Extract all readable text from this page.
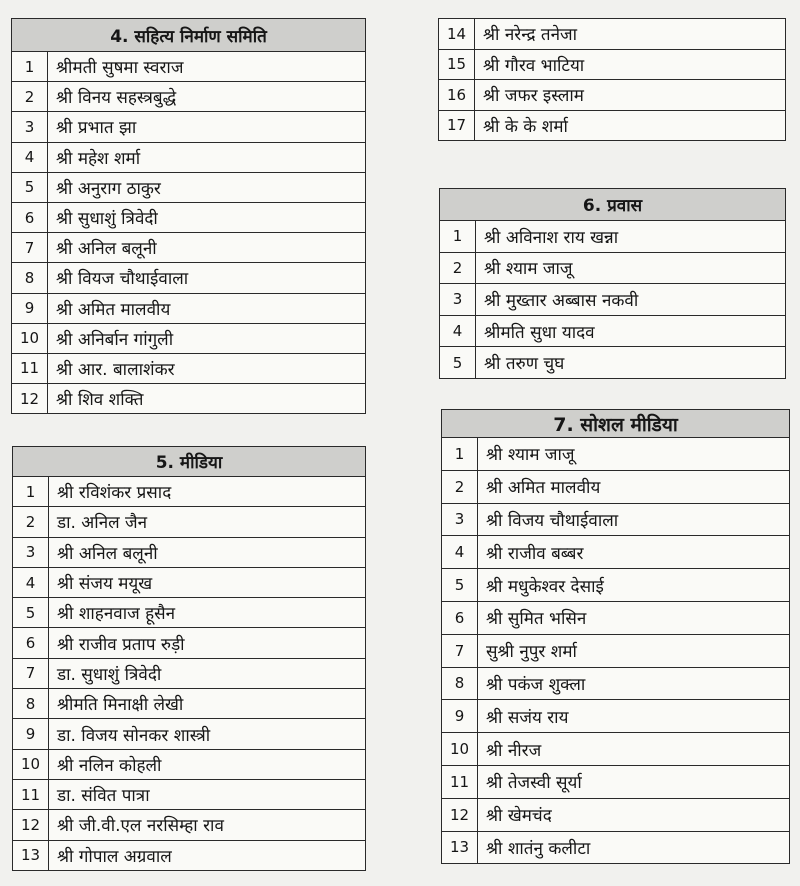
4. सहित्य निर्माण समिति
1	श्रीमती सुषमा स्वराज
2	श्री विनय सहस्त्रबुद्धे
3	श्री प्रभात झा
4	श्री महेश शर्मा
5	श्री अनुराग ठाकुर
6	श्री सुधाशुं त्रिवेदी
7	श्री अनिल बलूनी
8	श्री वियज चौथाईवाला
9	श्री अमित मालवीय
10	श्री अनिर्बान गांगुली
11	श्री आर. बालाशंकर
12	श्री शिव शक्ति
14	श्री नरेन्द्र तनेजा
15	श्री गौरव भाटिया
16	श्री जफर इस्लाम
17	श्री के के शर्मा
6. प्रवास
1	श्री अविनाश राय खन्ना
2	श्री श्याम जाजू
3	श्री मुख्तार अब्बास नकवी
4	श्रीमति सुधा यादव
5	श्री तरुण चुघ
5. मीडिया
1	श्री रविशंकर प्रसाद
2	डा. अनिल जैन
3	श्री अनिल बलूनी
4	श्री संजय मयूख
5	श्री शाहनवाज हूसैन
6	श्री राजीव प्रताप रुड़ी
7	डा. सुधाशुं त्रिवेदी
8	श्रीमति मिनाक्षी लेखी
9	डा. विजय सोनकर शास्त्री
10	श्री नलिन कोहली
11	डा. संवित पात्रा
12	श्री जी.वी.एल नरसिम्हा राव
13	श्री गोपाल अग्रवाल
7. सोशल मीडिया
1	श्री श्याम जाजू
2	श्री अमित मालवीय
3	श्री विजय चौथाईवाला
4	श्री राजीव बब्बर
5	श्री मधुकेश्वर देसाई
6	श्री सुमित भसिन
7	सुश्री नुपुर शर्मा
8	श्री पकंज शुक्ला
9	श्री सजंय राय
10	श्री नीरज
11	श्री तेजस्वी सूर्या
12	श्री खेमचंद
13	श्री शातंनु कलीटा
